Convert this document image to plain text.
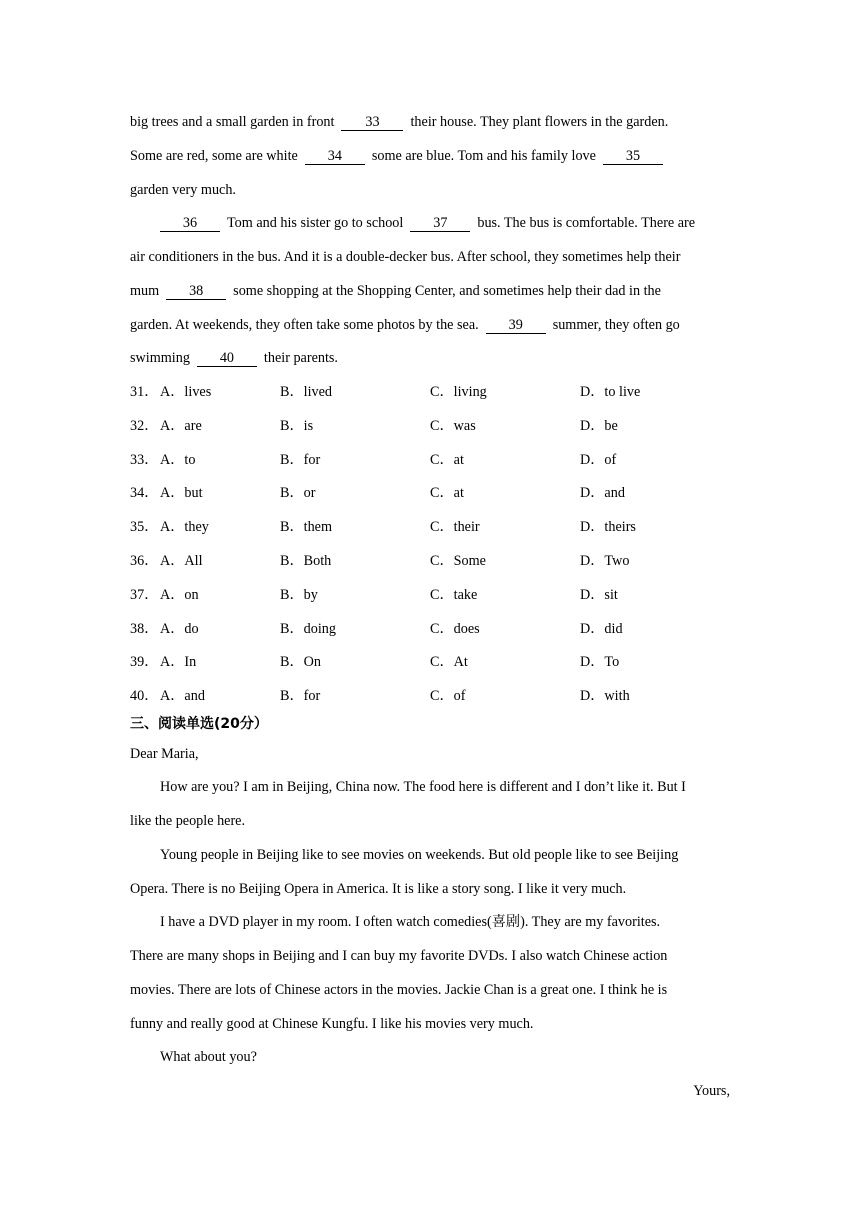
big trees and a small garden in front 33 their house. They plant flowers in the garden.
Some are red, some are white 34 some are blue. Tom and his family love 35
garden very much.
36 Tom and his sister go to school 37 bus. The bus is comfortable. There are
air conditioners in the bus. And it is a double-decker bus. After school, they sometimes help their
mum 38 some shopping at the Shopping Center, and sometimes help their dad in the
garden. At weekends, they often take some photos by the sea. 39 summer, they often go
swimming 40 their parents.
31． A．lives	B．lived	C．living	D．to live
32． A．are	B．is	C．was	D．be
33． A．to	B．for	C．at	D．of
34． A．but	B．or	C．at	D．and
35． A．they	B．them	C．their	D．theirs
36． A．All	B．Both	C．Some	D．Two
37． A．on	B．by	C．take	D．sit
38． A．do	B．doing	C．does	D．did
39． A．In	B．On	C．At	D．To
40． A．and	B．for	C．of	D．with
三、阅读单选(20分）
Dear Maria,
How are you? I am in Beijing, China now. The food here is different and I don’t like it. But I
like the people here.
Young people in Beijing like to see movies on weekends. But old people like to see Beijing
Opera. There is no Beijing Opera in America. It is like a story song. I like it very much.
I have a DVD player in my room. I often watch comedies(喜剧). They are my favorites.
There are many shops in Beijing and I can buy my favorite DVDs. I also watch Chinese action
movies. There are lots of Chinese actors in the movies. Jackie Chan is a great one. I think he is
funny and really good at Chinese Kungfu. I like his movies very much.
What about you?
Yours,
